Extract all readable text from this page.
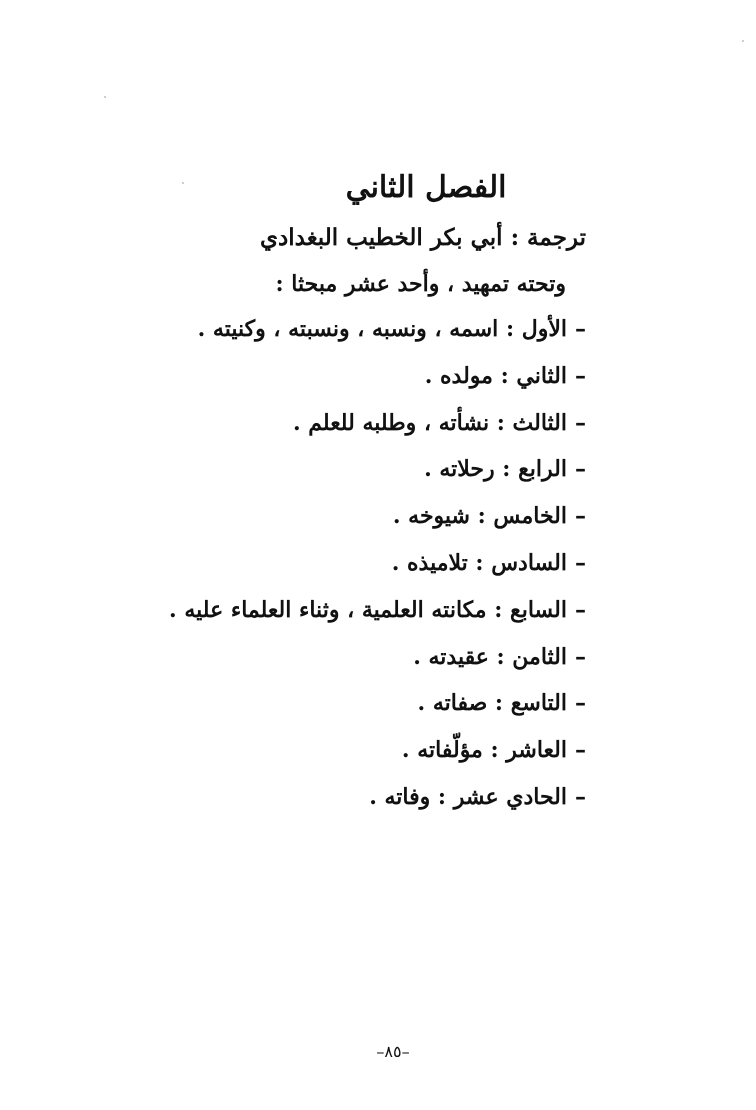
الفصل الثاني
ترجمة : أبي بكر الخطيب البغدادي
وتحته تمهيد ، وأحد عشر مبحثا :
–الأول : اسمه ، ونسبه ، ونسبته ، وكنيته .
–الثاني : مولده .
–الثالث : نشأته ، وطلبه للعلم .
–الرابع : رحلاته .
–الخامس : شيوخه .
–السادس : تلاميذه .
–السابع : مكانته العلمية ، وثناء العلماء عليه .
–الثامن : عقيدته .
–التاسع : صفاته .
–العاشر : مؤلّفاته .
–الحادي عشر : وفاته .
–٨٥–
